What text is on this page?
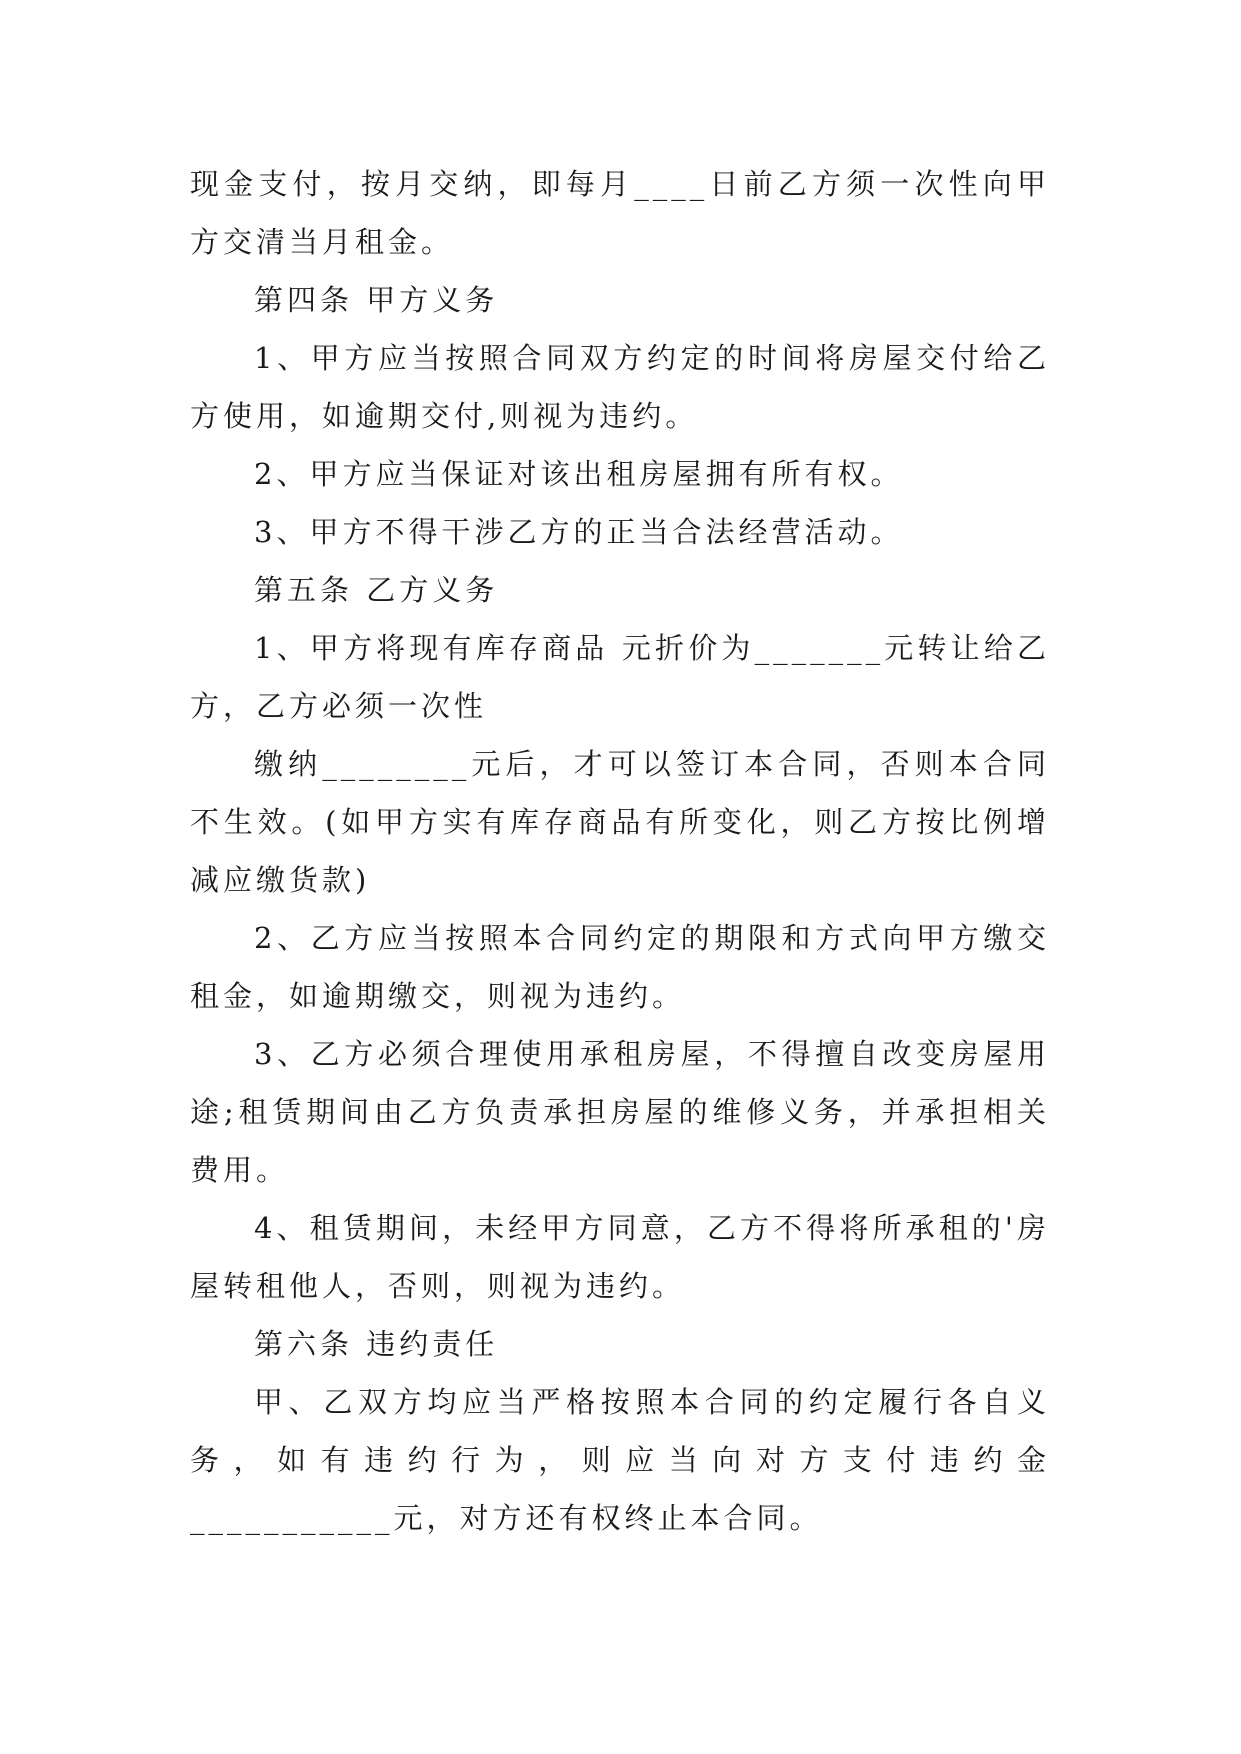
现金支付，按月交纳，即每月____日前乙方须一次性向甲方交清当月租金。

第四条 甲方义务

1、甲方应当按照合同双方约定的时间将房屋交付给乙方使用，如逾期交付,则视为违约。

2、甲方应当保证对该出租房屋拥有所有权。

3、甲方不得干涉乙方的正当合法经营活动。

第五条 乙方义务

1、甲方将现有库存商品 元折价为_______元转让给乙方，乙方必须一次性

缴纳________元后，才可以签订本合同，否则本合同不生效。(如甲方实有库存商品有所变化，则乙方按比例增减应缴货款)

2、乙方应当按照本合同约定的期限和方式向甲方缴交租金，如逾期缴交，则视为违约。

3、乙方必须合理使用承租房屋，不得擅自改变房屋用途;租赁期间由乙方负责承担房屋的维修义务，并承担相关费用。

4、租赁期间，未经甲方同意，乙方不得将所承租的'房屋转租他人，否则，则视为违约。

第六条 违约责任

甲、乙双方均应当严格按照本合同的约定履行各自义务，如有违约行为，则应当向对方支付违约金___________元，对方还有权终止本合同。
